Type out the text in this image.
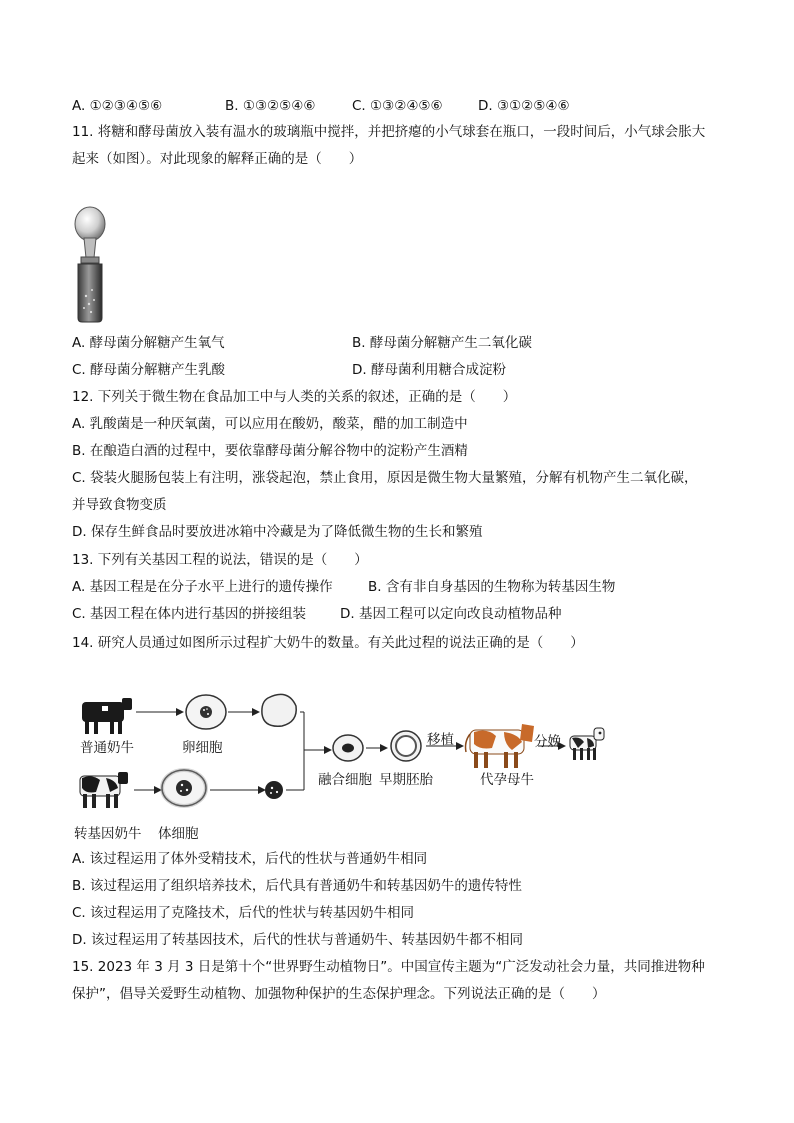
A. ①②③④⑤⑥	B. ①③②⑤④⑥	C. ①③②④⑤⑥	D. ③①②⑤④⑥
11. 将糖和酵母菌放入装有温水的玻璃瓶中搅拌，并把挤瘪的小气球套在瓶口，一段时间后，小气球会胀大
起来（如图）。对此现象的解释正确的是（　　）
A. 酵母菌分解糖产生氧气	B. 酵母菌分解糖产生二氧化碳
C. 酵母菌分解糖产生乳酸	D. 酵母菌利用糖合成淀粉
12. 下列关于微生物在食品加工中与人类的关系的叙述，正确的是（　　）
A. 乳酸菌是一种厌氧菌，可以应用在酸奶，酸菜，醋的加工制造中
B. 在酿造白酒的过程中，要依靠酵母菌分解谷物中的淀粉产生酒精
C. 袋装火腿肠包装上有注明，涨袋起泡，禁止食用，原因是微生物大量繁殖，分解有机物产生二氧化碳，
并导致食物变质
D. 保存生鲜食品时要放进冰箱中冷藏是为了降低微生物的生长和繁殖
13. 下列有关基因工程的说法，错误的是（　　）
A. 基因工程是在分子水平上进行的遗传操作	B. 含有非自身基因的生物称为转基因生物
C. 基因工程在体内进行基因的拼接组装	D. 基因工程可以定向改良动植物品种
14. 研究人员通过如图所示过程扩大奶牛的数量。有关此过程的说法正确的是（　　）
普通奶牛	卵细胞
转基因奶牛 体细胞
融合细胞 早期胚胎
移植
代孕母牛
分娩
A. 该过程运用了体外受精技术，后代的性状与普通奶牛相同
B. 该过程运用了组织培养技术，后代具有普通奶牛和转基因奶牛的遗传特性
C. 该过程运用了克隆技术，后代的性状与转基因奶牛相同
D. 该过程运用了转基因技术，后代的性状与普通奶牛、转基因奶牛都不相同
15. 2023 年 3 月 3 日是第十个“世界野生动植物日”。中国宣传主题为“广泛发动社会力量，共同推进物种
保护”，倡导关爱野生动植物、加强物种保护的生态保护理念。下列说法正确的是（　　）
